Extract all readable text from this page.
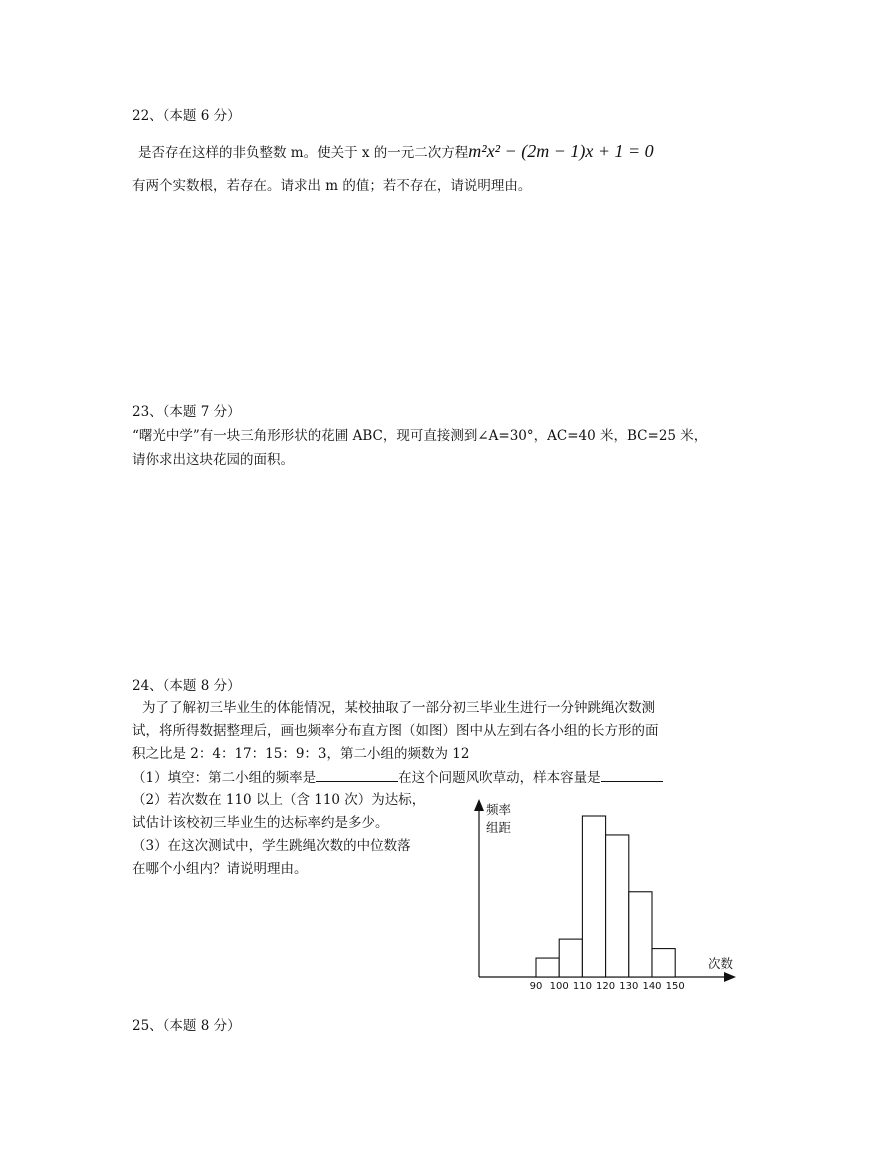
22、（本题 6 分）
是否存在这样的非负整数 m。使关于 x 的一元二次方程m²x² − (2m − 1)x + 1 = 0
有两个实数根，若存在。请求出 m 的值；若不存在，请说明理由。
23、（本题 7 分）
“曙光中学”有一块三角形形状的花圃 ABC，现可直接测到∠A=30°，AC=40 米，BC=25 米，
请你求出这块花园的面积。
24、（本题 8 分）
为了了解初三毕业生的体能情况，某校抽取了一部分初三毕业生进行一分钟跳绳次数测
试，将所得数据整理后，画也频率分布直方图（如图）图中从左到右各小组的长方形的面
积之比是 2：4：17：15：9：3，第二小组的频数为 12
（1）填空：第二小组的频率是	在这个问题风吹草动，样本容量是
（2）若次数在 110 以上（含 110 次）为达标，
试估计该校初三毕业生的达标率约是多少。
（3）在这次测试中，学生跳绳次数的中位数落
在哪个小组内？请说明理由。
90 100 110 120 130 140 150
频率
组距
次数
25、（本题 8 分）
